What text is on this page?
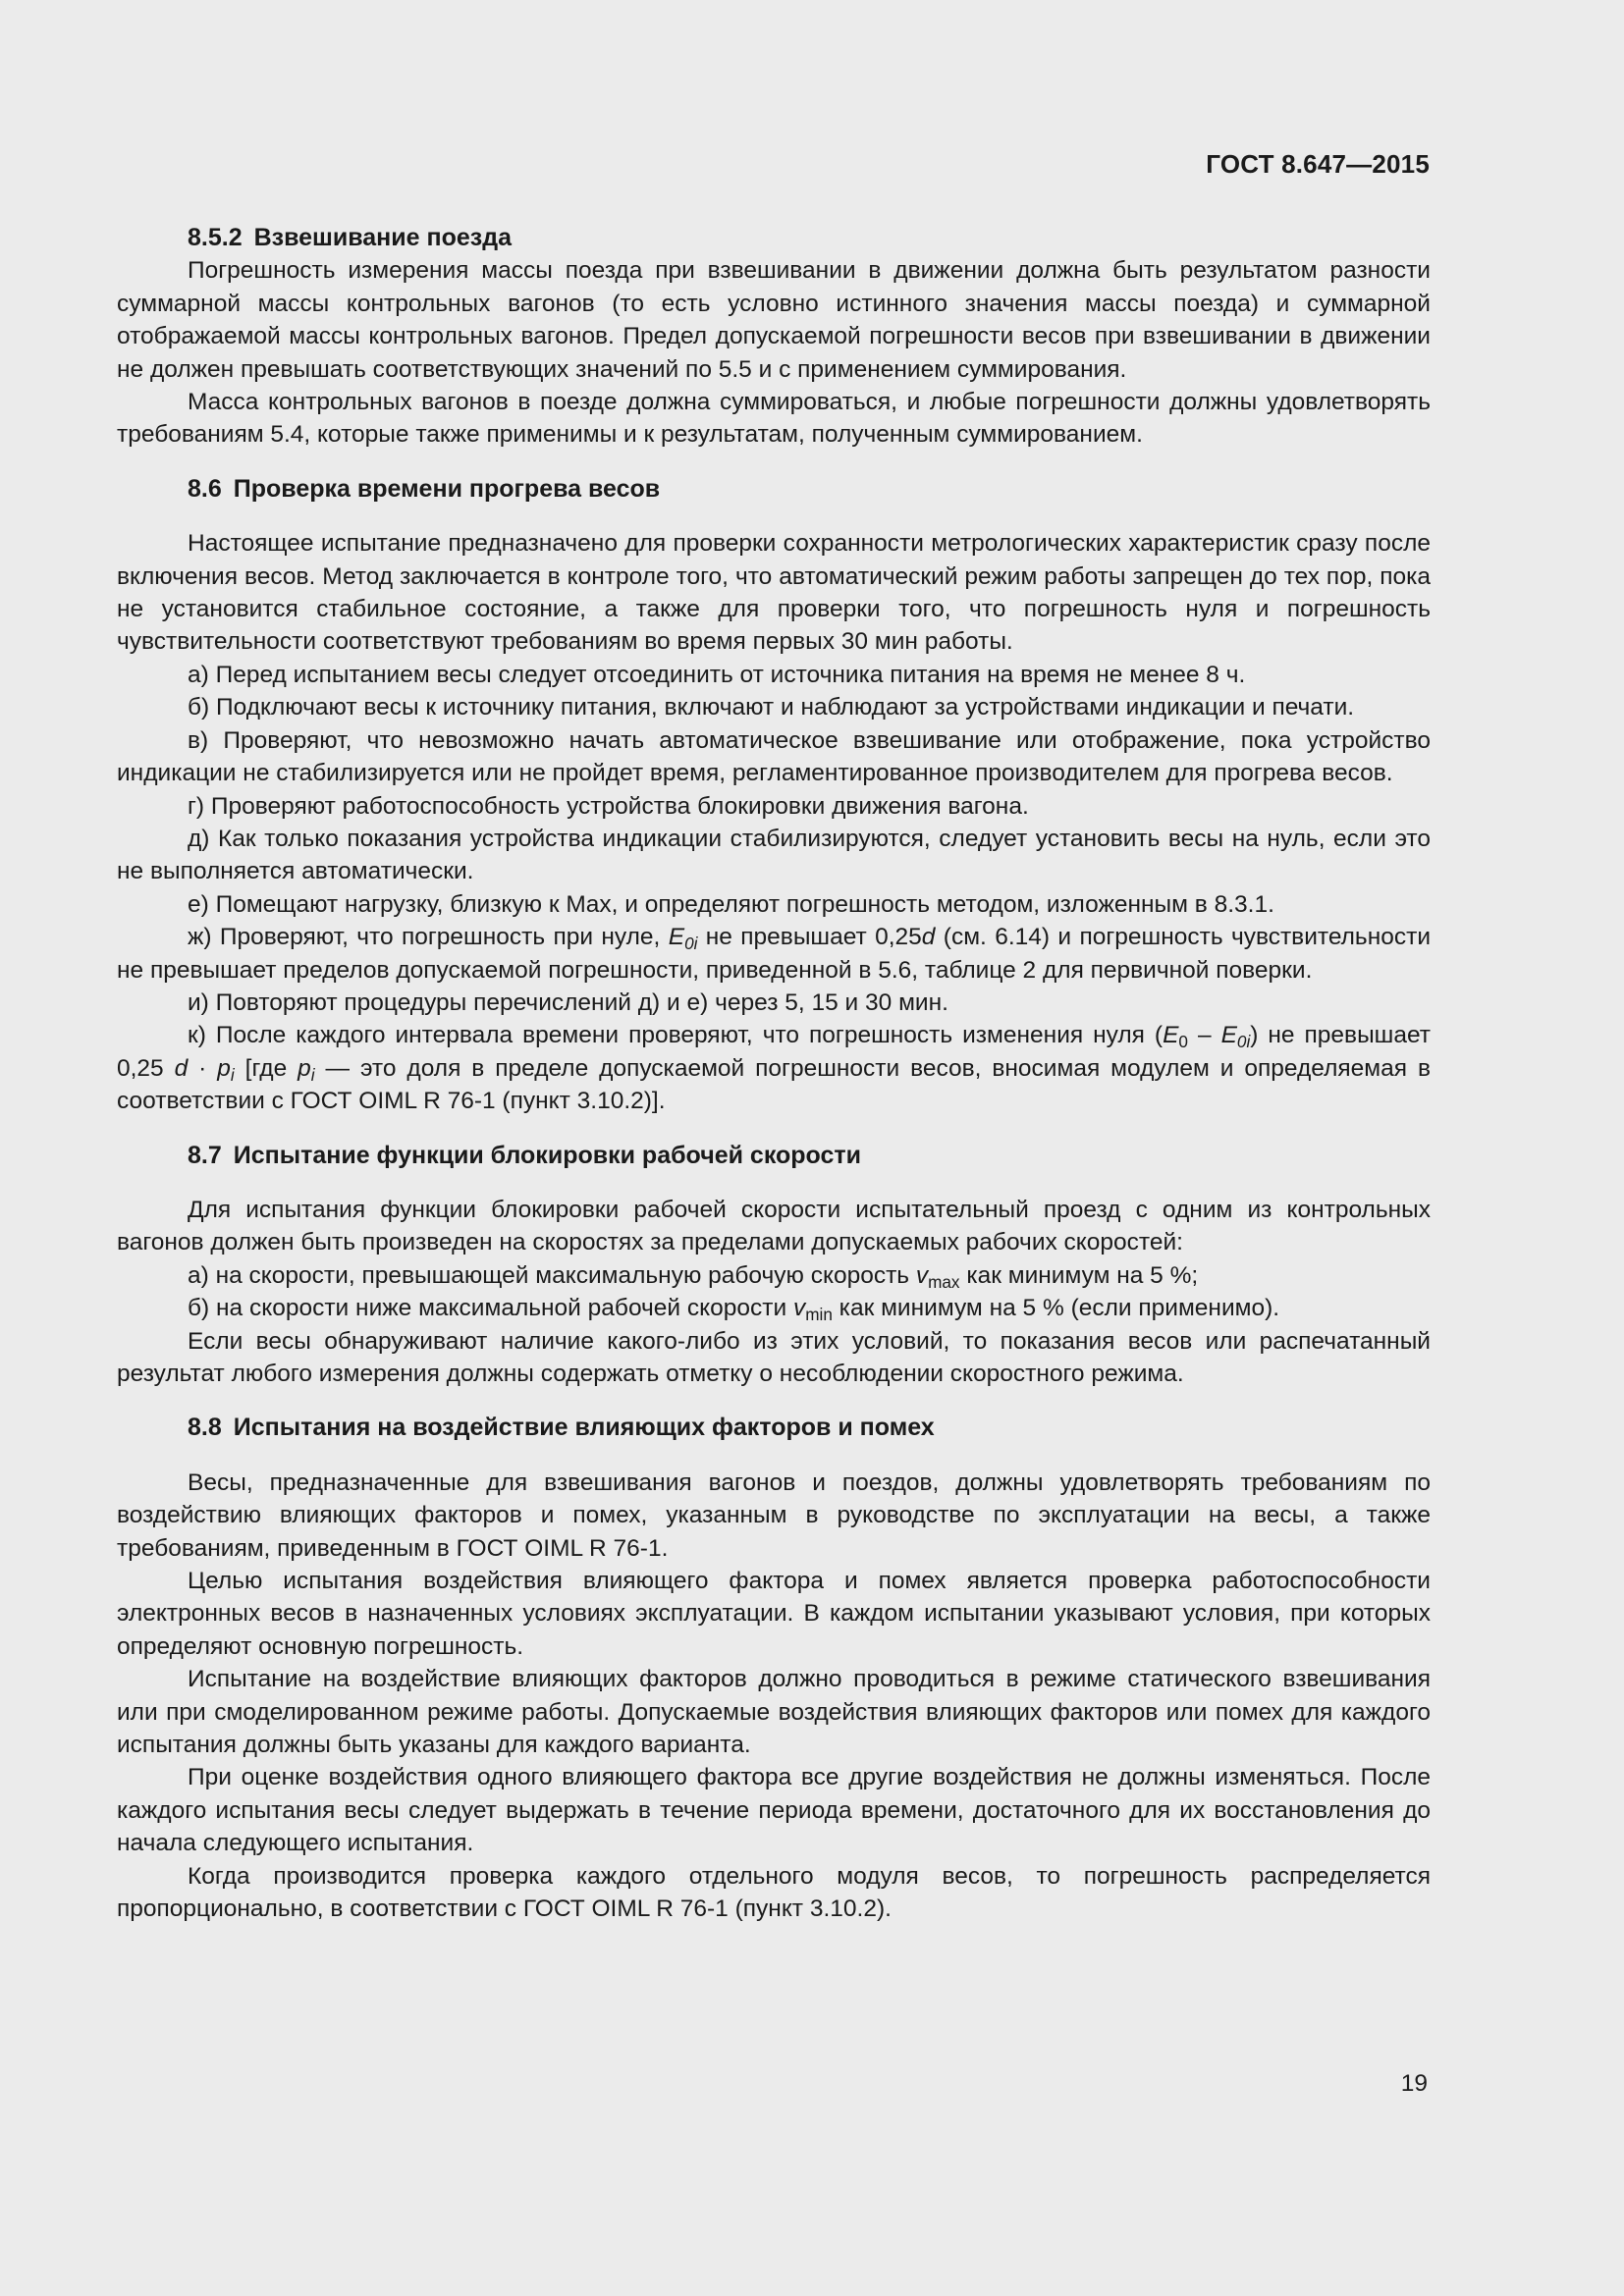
ГОСТ 8.647—2015
8.5.2 Взвешивание поезда

Погрешность измерения массы поезда при взвешивании в движении должна быть результатом разности суммарной массы контрольных вагонов (то есть условно истинного значения массы поезда) и суммарной отображаемой массы контрольных вагонов. Предел допускаемой погрешности весов при взвешивании в движении не должен превышать соответствующих значений по 5.5 и с применением суммирования.

Масса контрольных вагонов в поезде должна суммироваться, и любые погрешности должны удовлетворять требованиям 5.4, которые также применимы и к результатам, полученным суммированием.

8.6 Проверка времени прогрева весов

Настоящее испытание предназначено для проверки сохранности метрологических характеристик сразу после включения весов. Метод заключается в контроле того, что автоматический режим работы запрещен до тех пор, пока не установится стабильное состояние, а также для проверки того, что погрешность нуля и погрешность чувствительности соответствуют требованиям во время первых 30 мин работы.

а) Перед испытанием весы следует отсоединить от источника питания на время не менее 8 ч.

б) Подключают весы к источнику питания, включают и наблюдают за устройствами индикации и печати.

в) Проверяют, что невозможно начать автоматическое взвешивание или отображение, пока устройство индикации не стабилизируется или не пройдет время, регламентированное производителем для прогрева весов.

г) Проверяют работоспособность устройства блокировки движения вагона.

д) Как только показания устройства индикации стабилизируются, следует установить весы на нуль, если это не выполняется автоматически.

е) Помещают нагрузку, близкую к Max, и определяют погрешность методом, изложенным в 8.3.1.

ж) Проверяют, что погрешность при нуле, $E_{0i}$ не превышает 0,25d (см. 6.14) и погрешность чувствительности не превышает пределов допускаемой погрешности, приведенной в 5.6, таблице 2 для первичной поверки.

и) Повторяют процедуры перечислений д) и е) через 5, 15 и 30 мин.

к) После каждого интервала времени проверяют, что погрешность изменения нуля $(E_0 - E_{0i})$ не превышает 0,25 $d \cdot p_i$ [где $p_i$ — это доля в пределе допускаемой погрешности весов, вносимая модулем и определяемая в соответствии с ГОСТ OIML R 76-1 (пункт 3.10.2)].

8.7 Испытание функции блокировки рабочей скорости

Для испытания функции блокировки рабочей скорости испытательный проезд с одним из контрольных вагонов должен быть произведен на скоростях за пределами допускаемых рабочих скоростей:

а) на скорости, превышающей максимальную рабочую скорость $v_{max}$ как минимум на 5 %;

б) на скорости ниже максимальной рабочей скорости $v_{min}$ как минимум на 5 % (если применимо).

Если весы обнаруживают наличие какого-либо из этих условий, то показания весов или распечатанный результат любого измерения должны содержать отметку о несоблюдении скоростного режима.

8.8 Испытания на воздействие влияющих факторов и помех

Весы, предназначенные для взвешивания вагонов и поездов, должны удовлетворять требованиям по воздействию влияющих факторов и помех, указанным в руководстве по эксплуатации на весы, а также требованиям, приведенным в ГОСТ OIML R 76-1.

Целью испытания воздействия влияющего фактора и помех является проверка работоспособности электронных весов в назначенных условиях эксплуатации. В каждом испытании указывают условия, при которых определяют основную погрешность.

Испытание на воздействие влияющих факторов должно проводиться в режиме статического взвешивания или при смоделированном режиме работы. Допускаемые воздействия влияющих факторов или помех для каждого испытания должны быть указаны для каждого варианта.

При оценке воздействия одного влияющего фактора все другие воздействия не должны изменяться. После каждого испытания весы следует выдержать в течение периода времени, достаточного для их восстановления до начала следующего испытания.

Когда производится проверка каждого отдельного модуля весов, то погрешность распределяется пропорционально, в соответствии с ГОСТ OIML R 76-1 (пункт 3.10.2).

19
